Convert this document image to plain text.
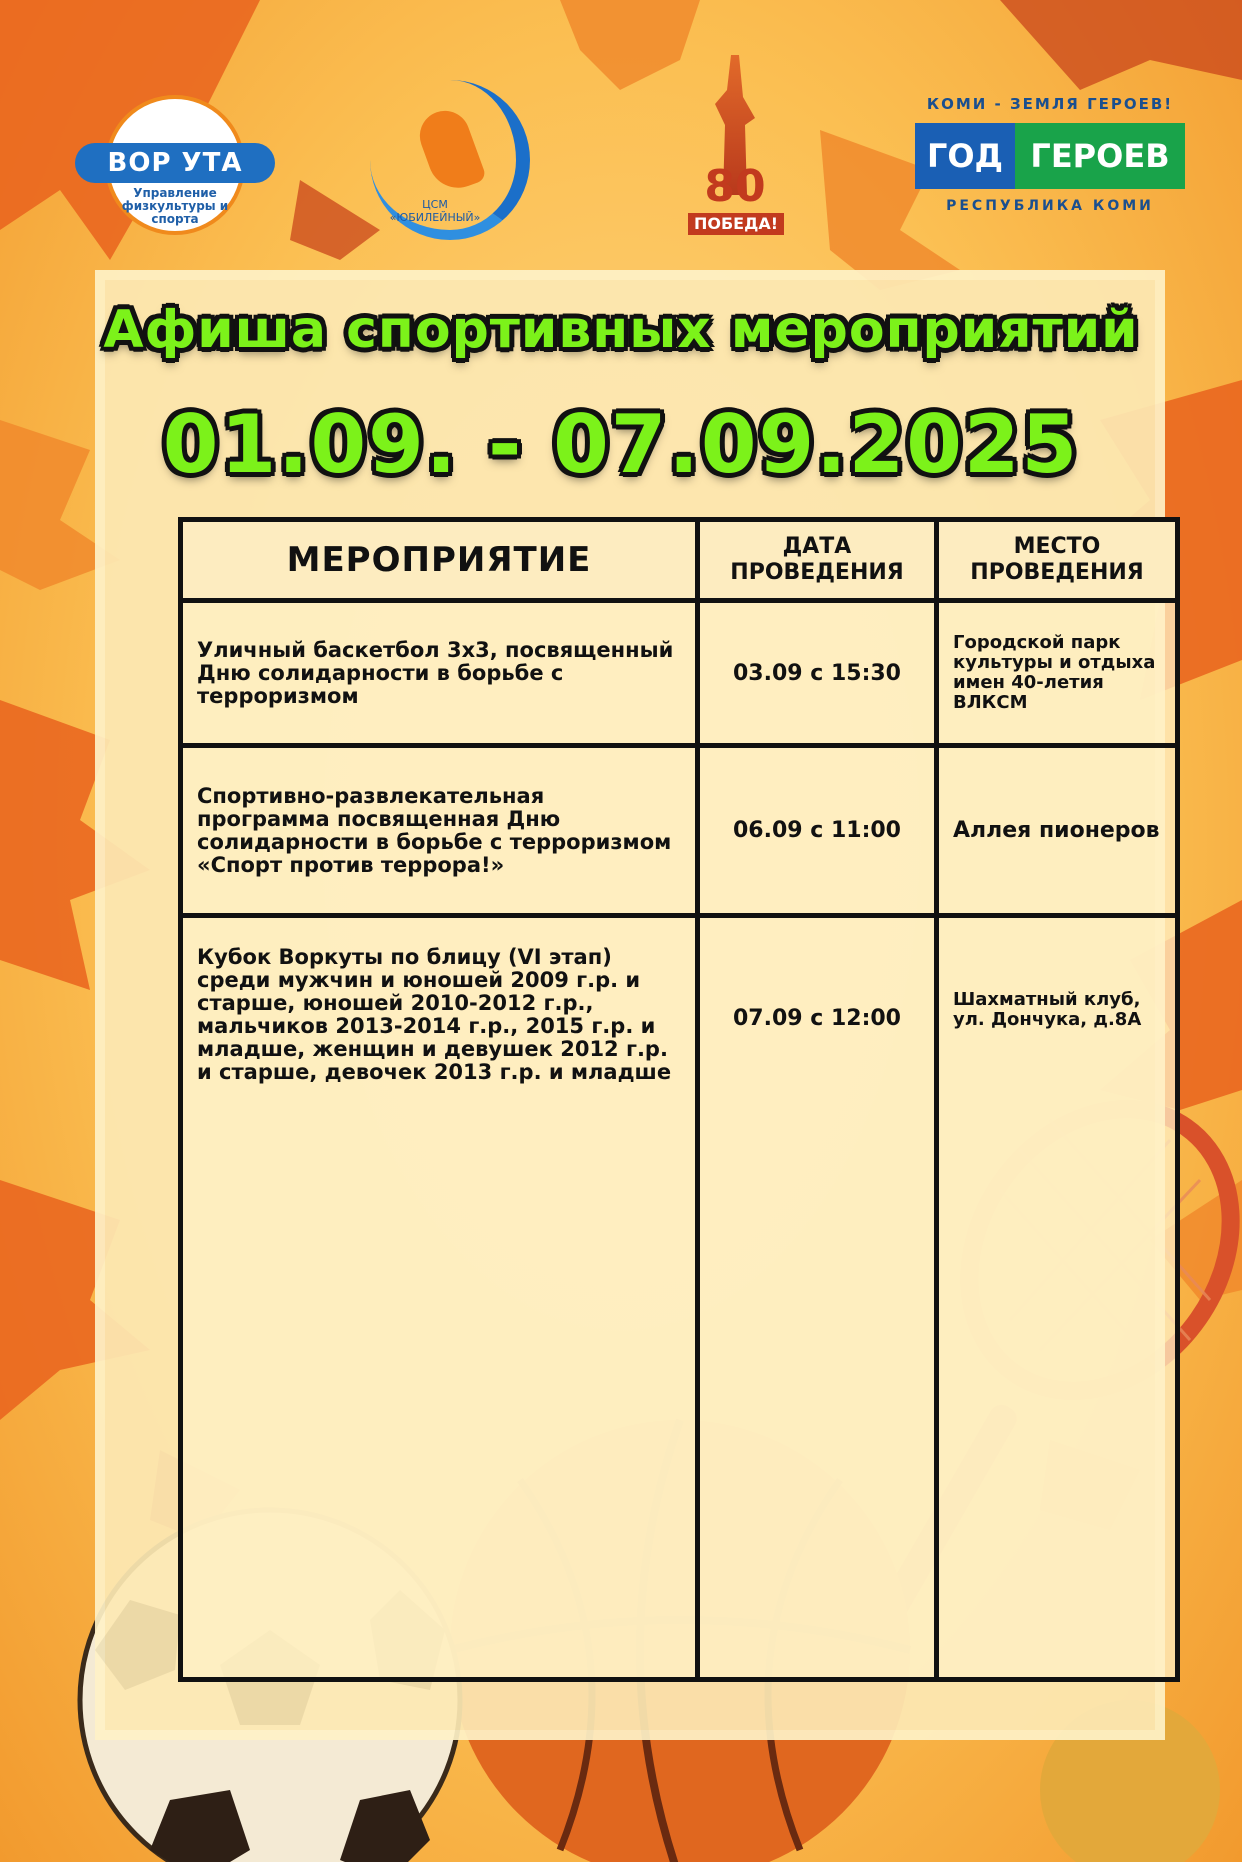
ВОР УТА
Управление физкультуры и спорта
ЦСМ «ЮБИЛЕЙНЫЙ»
80
ПОБЕДА!
КОМИ - ЗЕМЛЯ ГЕРОЕВ!
ГОД ГЕРОЕВ
РЕСПУБЛИКА КОМИ
Афиша спортивных мероприятий
01.09. - 07.09.2025
МЕРОПРИЯТИЕ	ДАТА ПРОВЕДЕНИЯ	МЕСТО ПРОВЕДЕНИЯ
Уличный баскетбол 3х3, посвященный Дню солидарности в борьбе с терроризмом	03.09 с 15:30	Городской парк культуры и отдыха имен 40-летия ВЛКСМ
Спортивно-развлекательная программа посвященная Дню солидарности в борьбе с терроризмом «Спорт против террора!»	06.09 с 11:00	Аллея пионеров
Кубок Воркуты по блицу (VI этап) среди мужчин и юношей 2009 г.р. и старше, юношей 2010-2012 г.р., мальчиков 2013-2014 г.р., 2015 г.р. и младше, женщин и девушек 2012 г.р. и старше, девочек 2013 г.р. и младше	07.09 с 12:00	Шахматный клуб, ул. Дончука, д.8А
